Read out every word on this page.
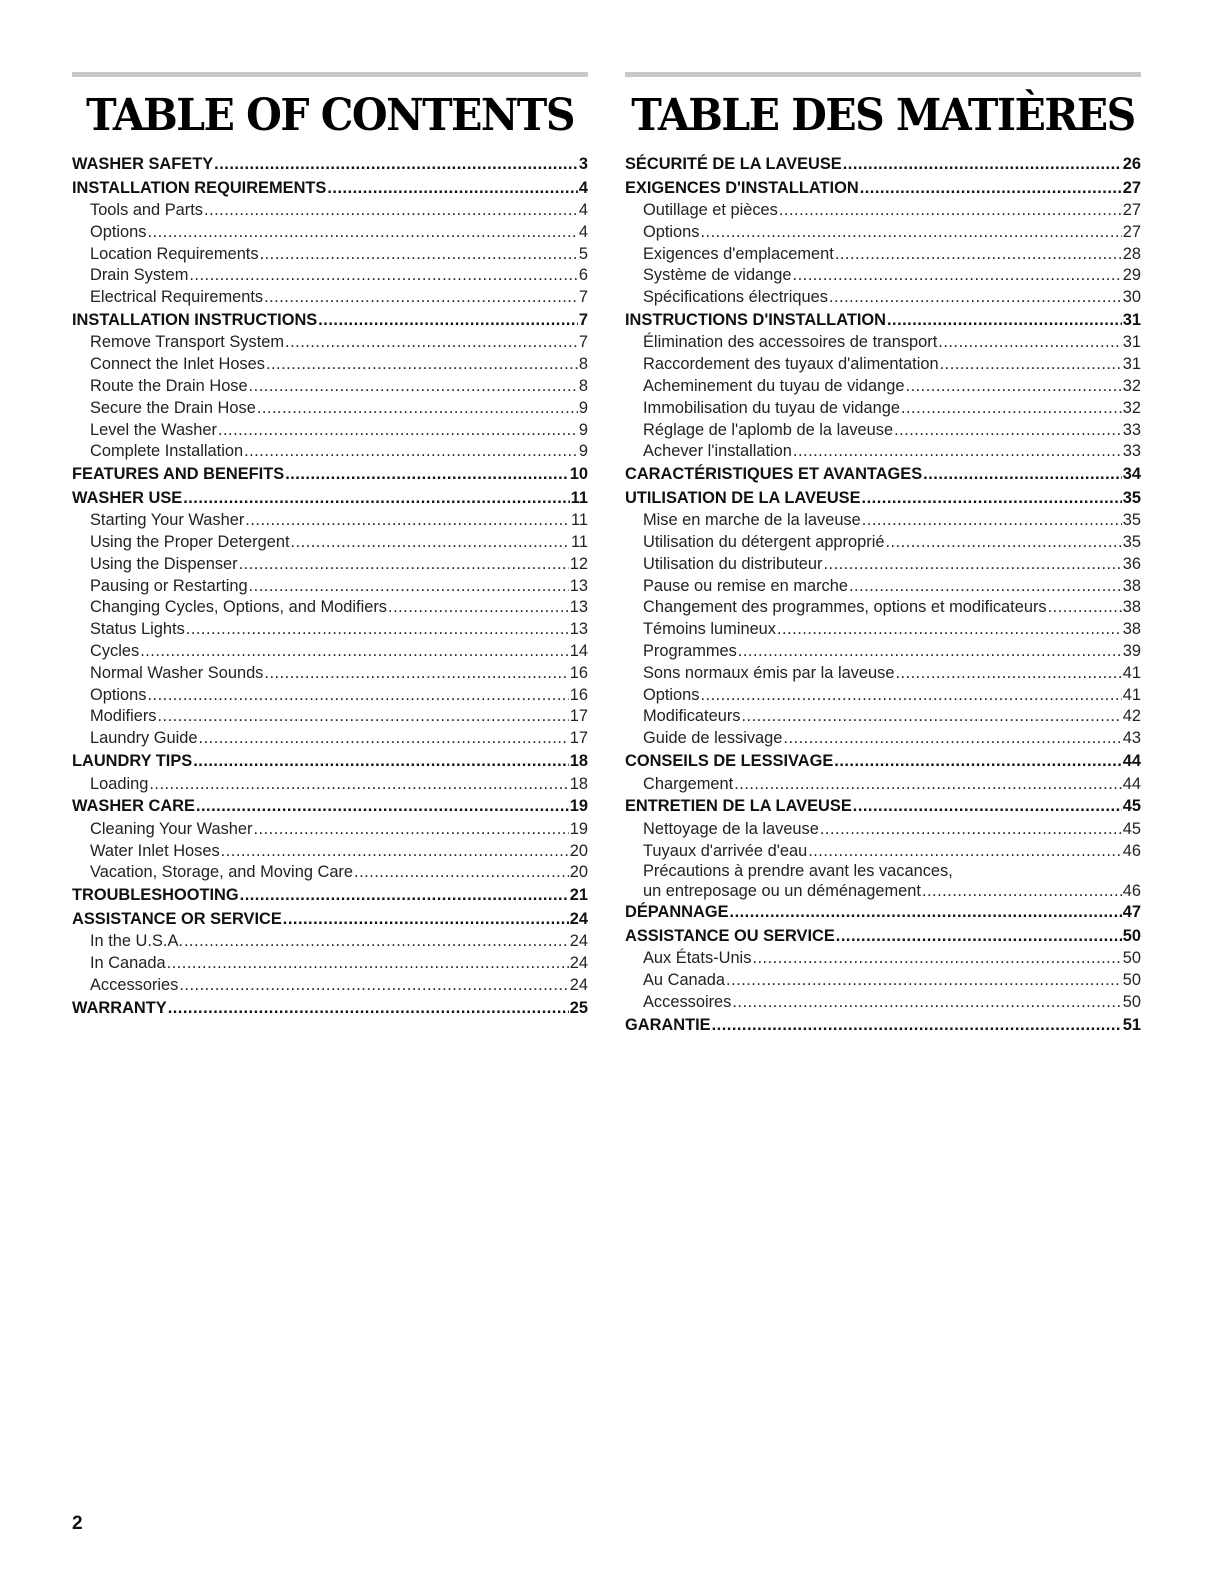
TABLE OF CONTENTS
WASHER SAFETY .....	3
INSTALLATION REQUIREMENTS .....	4
Tools and Parts .....	4
Options .....	4
Location Requirements .....	5
Drain System .....	6
Electrical Requirements .....	7
INSTALLATION INSTRUCTIONS .....	7
Remove Transport System .....	7
Connect the Inlet Hoses .....	8
Route the Drain Hose .....	8
Secure the Drain Hose .....	9
Level the Washer .....	9
Complete Installation .....	9
FEATURES AND BENEFITS .....	10
WASHER USE .....	11
Starting Your Washer .....	11
Using the Proper Detergent .....	11
Using the Dispenser .....	12
Pausing or Restarting .....	13
Changing Cycles, Options, and Modifiers .....	13
Status Lights .....	13
Cycles .....	14
Normal Washer Sounds .....	16
Options .....	16
Modifiers .....	17
Laundry Guide .....	17
LAUNDRY TIPS .....	18
Loading .....	18
WASHER CARE .....	19
Cleaning Your Washer .....	19
Water Inlet Hoses .....	20
Vacation, Storage, and Moving Care .....	20
TROUBLESHOOTING .....	21
ASSISTANCE OR SERVICE .....	24
In the U.S.A. .....	24
In Canada .....	24
Accessories .....	24
WARRANTY .....	25
TABLE DES MATIÈRES
SÉCURITÉ DE LA LAVEUSE .....	26
EXIGENCES D'INSTALLATION .....	27
Outillage et pièces .....	27
Options .....	27
Exigences d'emplacement .....	28
Système de vidange .....	29
Spécifications électriques .....	30
INSTRUCTIONS D'INSTALLATION .....	31
Élimination des accessoires de transport .....	31
Raccordement des tuyaux d'alimentation .....	31
Acheminement du tuyau de vidange .....	32
Immobilisation du tuyau de vidange .....	32
Réglage de l'aplomb de la laveuse .....	33
Achever l'installation .....	33
CARACTÉRISTIQUES ET AVANTAGES .....	34
UTILISATION DE LA LAVEUSE .....	35
Mise en marche de la laveuse .....	35
Utilisation du détergent approprié .....	35
Utilisation du distributeur .....	36
Pause ou remise en marche .....	38
Changement des programmes, options et modificateurs .....	38
Témoins lumineux .....	38
Programmes .....	39
Sons normaux émis par la laveuse .....	41
Options .....	41
Modificateurs .....	42
Guide de lessivage .....	43
CONSEILS DE LESSIVAGE .....	44
Chargement .....	44
ENTRETIEN DE LA LAVEUSE .....	45
Nettoyage de la laveuse .....	45
Tuyaux d'arrivée d'eau .....	46
Précautions à prendre avant les vacances,
un entreposage ou un déménagement .....	46
DÉPANNAGE .....	47
ASSISTANCE OU SERVICE .....	50
Aux États-Unis .....	50
Au Canada .....	50
Accessoires .....	50
GARANTIE .....	51
2
